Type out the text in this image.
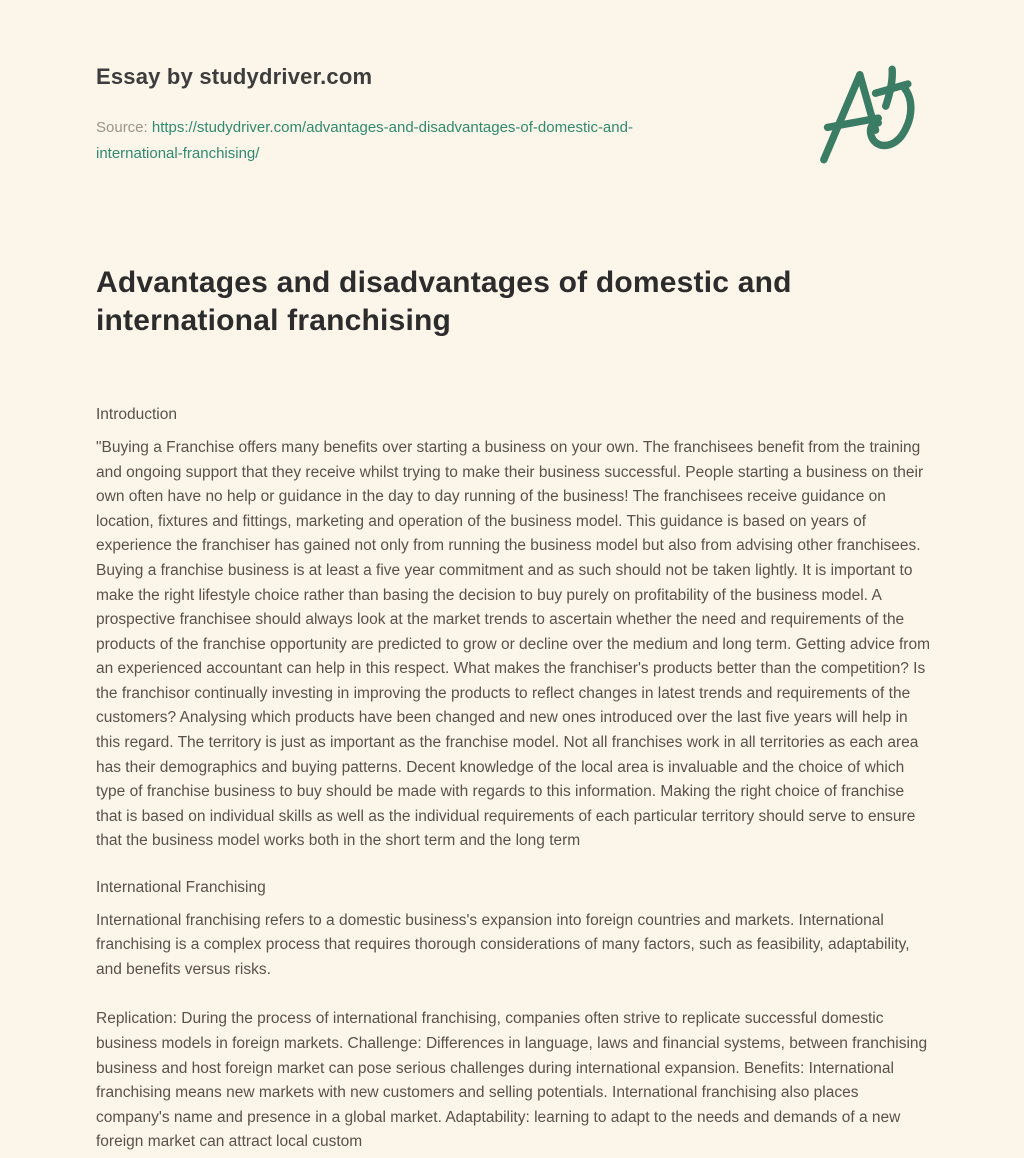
Essay by studydriver.com
Source: https://studydriver.com/advantages-and-disadvantages-of-domestic-and-international-franchising/
Advantages and disadvantages of domestic and international franchising
Introduction

"Buying a Franchise offers many benefits over starting a business on your own. The franchisees benefit from the training and ongoing support that they receive whilst trying to make their business successful. People starting a business on their own often have no help or guidance in the day to day running of the business! The franchisees receive guidance on location, fixtures and fittings, marketing and operation of the business model. This guidance is based on years of experience the franchiser has gained not only from running the business model but also from advising other franchisees. Buying a franchise business is at least a five year commitment and as such should not be taken lightly. It is important to make the right lifestyle choice rather than basing the decision to buy purely on profitability of the business model. A prospective franchisee should always look at the market trends to ascertain whether the need and requirements of the products of the franchise opportunity are predicted to grow or decline over the medium and long term. Getting advice from an experienced accountant can help in this respect. What makes the franchiser's products better than the competition? Is the franchisor continually investing in improving the products to reflect changes in latest trends and requirements of the customers? Analysing which products have been changed and new ones introduced over the last five years will help in this regard. The territory is just as important as the franchise model. Not all franchises work in all territories as each area has their demographics and buying patterns. Decent knowledge of the local area is invaluable and the choice of which type of franchise business to buy should be made with regards to this information. Making the right choice of franchise that is based on individual skills as well as the individual requirements of each particular territory should serve to ensure that the business model works both in the short term and the long term

International Franchising

International franchising refers to a domestic business's expansion into foreign countries and markets. International franchising is a complex process that requires thorough considerations of many factors, such as feasibility, adaptability, and benefits versus risks.

Replication: During the process of international franchising, companies often strive to replicate successful domestic business models in foreign markets. Challenge: Differences in language, laws and financial systems, between franchising business and host foreign market can pose serious challenges during international expansion. Benefits: International franchising means new markets with new customers and selling potentials. International franchising also places company's name and presence in a global market. Adaptability: learning to adapt to the needs and demands of a new foreign market can attract local custom
